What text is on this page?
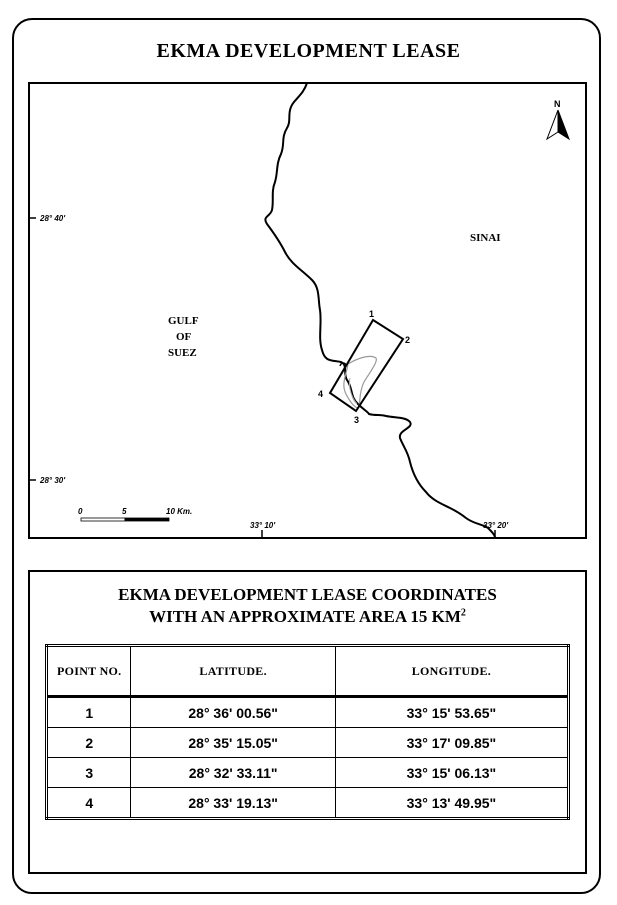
EKMA DEVELOPMENT LEASE
1
2
3
4
SINAI
GULF
OF
SUEZ
N
28° 40'
28° 30'
33° 10'	33° 20'
0	5	10 Km.
EKMA DEVELOPMENT LEASE COORDINATES
WITH AN APPROXIMATE AREA 15 $KM^2$
POINT NO.	LATITUDE.	LONGITUDE.
1	28° 36' 00.56"	33° 15' 53.65"
2	28° 35' 15.05"	33° 17' 09.85"
3	28° 32' 33.11"	33° 15' 06.13"
4	28° 33' 19.13"	33° 13' 49.95"
